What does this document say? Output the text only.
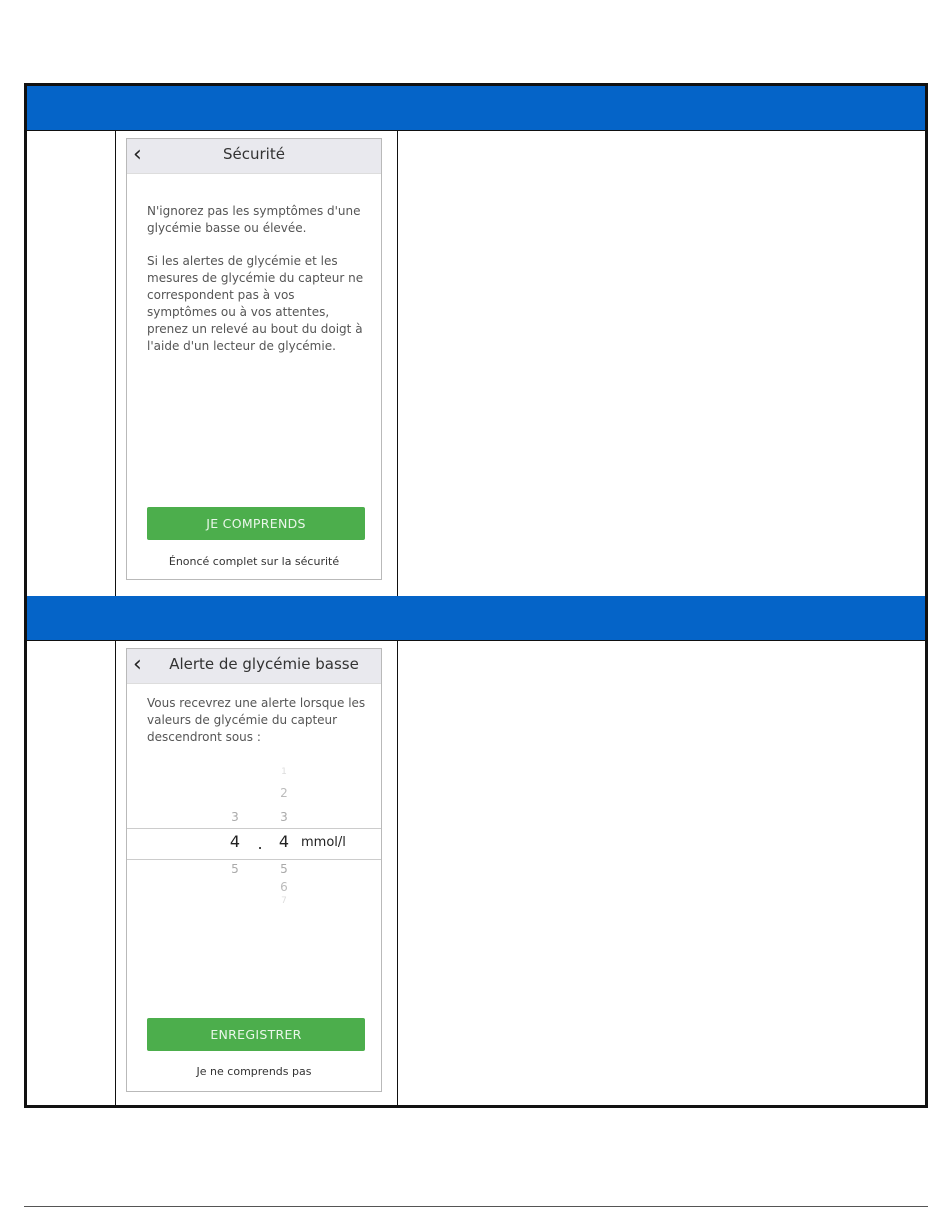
‹	Sécurité
N'ignorez pas les symptômes d'une glycémie basse ou élevée.
Si les alertes de glycémie et les mesures de glycémie du capteur ne correspondent pas à vos symptômes ou à vos attentes, prenez un relevé au bout du doigt à l'aide d'un lecteur de glycémie.
JE COMPRENDS
Énoncé complet sur la sécurité
‹	Alerte de glycémie basse
Vous recevrez une alerte lorsque les valeurs de glycémie du capteur descendront sous :
3
4
5
.
1
2
3
4
5
6
7
mmol/l
ENREGISTRER
Je ne comprends pas
